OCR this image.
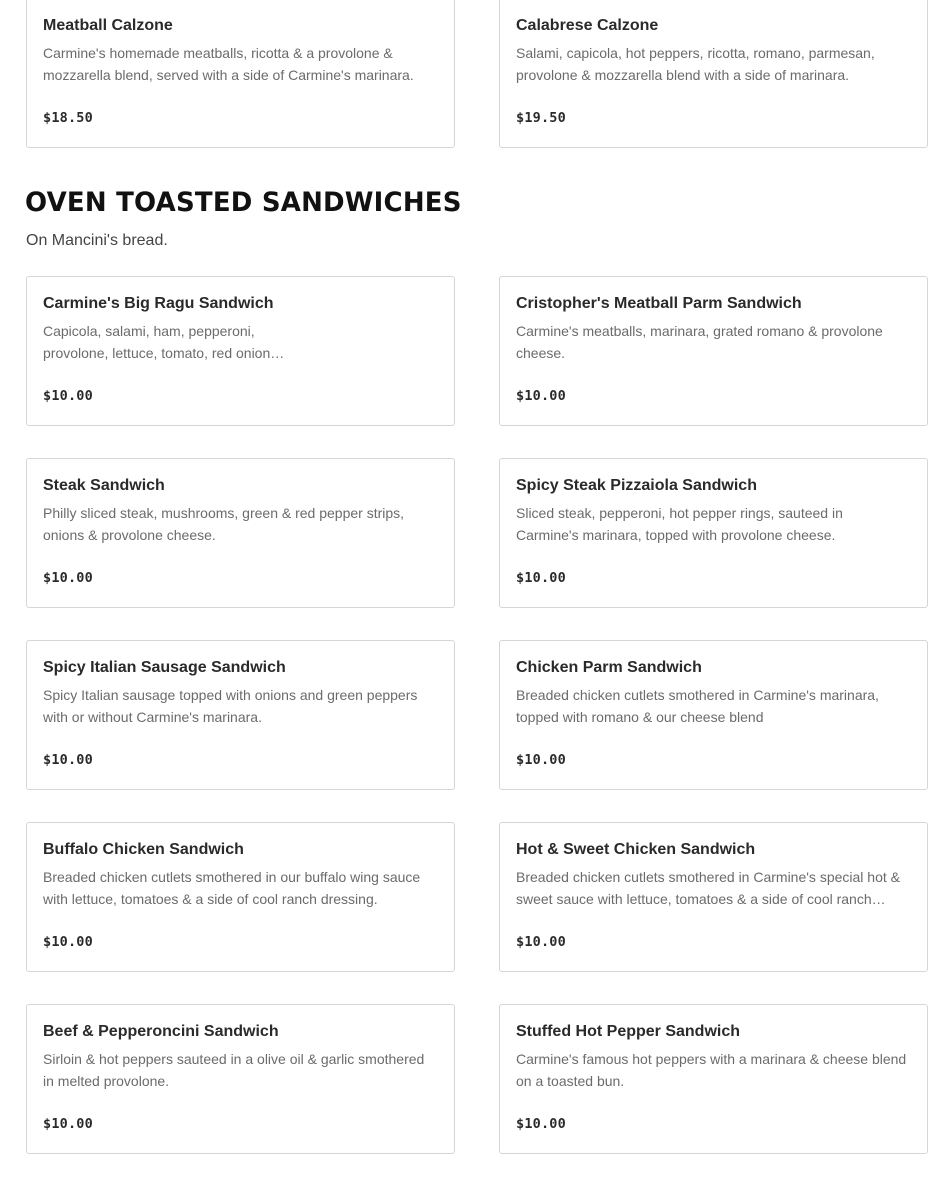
Meatball Calzone
Carmine's homemade meatballs, ricotta & a provolone & mozzarella blend, served with a side of Carmine's marinara.
$18.50
Calabrese Calzone
Salami, capicola, hot peppers, ricotta, romano, parmesan, provolone & mozzarella blend with a side of marinara.
$19.50
OVEN TOASTED SANDWICHES

On Mancini's bread.

Carmine's Big Ragu Sandwich
Capicola, salami, ham, pepperoni, provolone, lettuce, tomato, red onion…
$10.00
Cristopher's Meatball Parm Sandwich
Carmine's meatballs, marinara, grated romano & provolone cheese.
$10.00
Steak Sandwich
Philly sliced steak, mushrooms, green & red pepper strips, onions & provolone cheese.
$10.00
Spicy Steak Pizzaiola Sandwich
Sliced steak, pepperoni, hot pepper rings, sauteed in Carmine's marinara, topped with provolone cheese.
$10.00
Spicy Italian Sausage Sandwich
Spicy Italian sausage topped with onions and green peppers with or without Carmine's marinara.
$10.00
Chicken Parm Sandwich
Breaded chicken cutlets smothered in Carmine's marinara, topped with romano & our cheese blend
$10.00
Buffalo Chicken Sandwich
Breaded chicken cutlets smothered in our buffalo wing sauce with lettuce, tomatoes & a side of cool ranch dressing.
$10.00
Hot & Sweet Chicken Sandwich
Breaded chicken cutlets smothered in Carmine's special hot & sweet sauce with lettuce, tomatoes & a side of cool ranch…
$10.00
Beef & Pepperoncini Sandwich
Sirloin & hot peppers sauteed in a olive oil & garlic smothered in melted provolone.
$10.00
Stuffed Hot Pepper Sandwich
Carmine's famous hot peppers with a marinara & cheese blend on a toasted bun.
$10.00
